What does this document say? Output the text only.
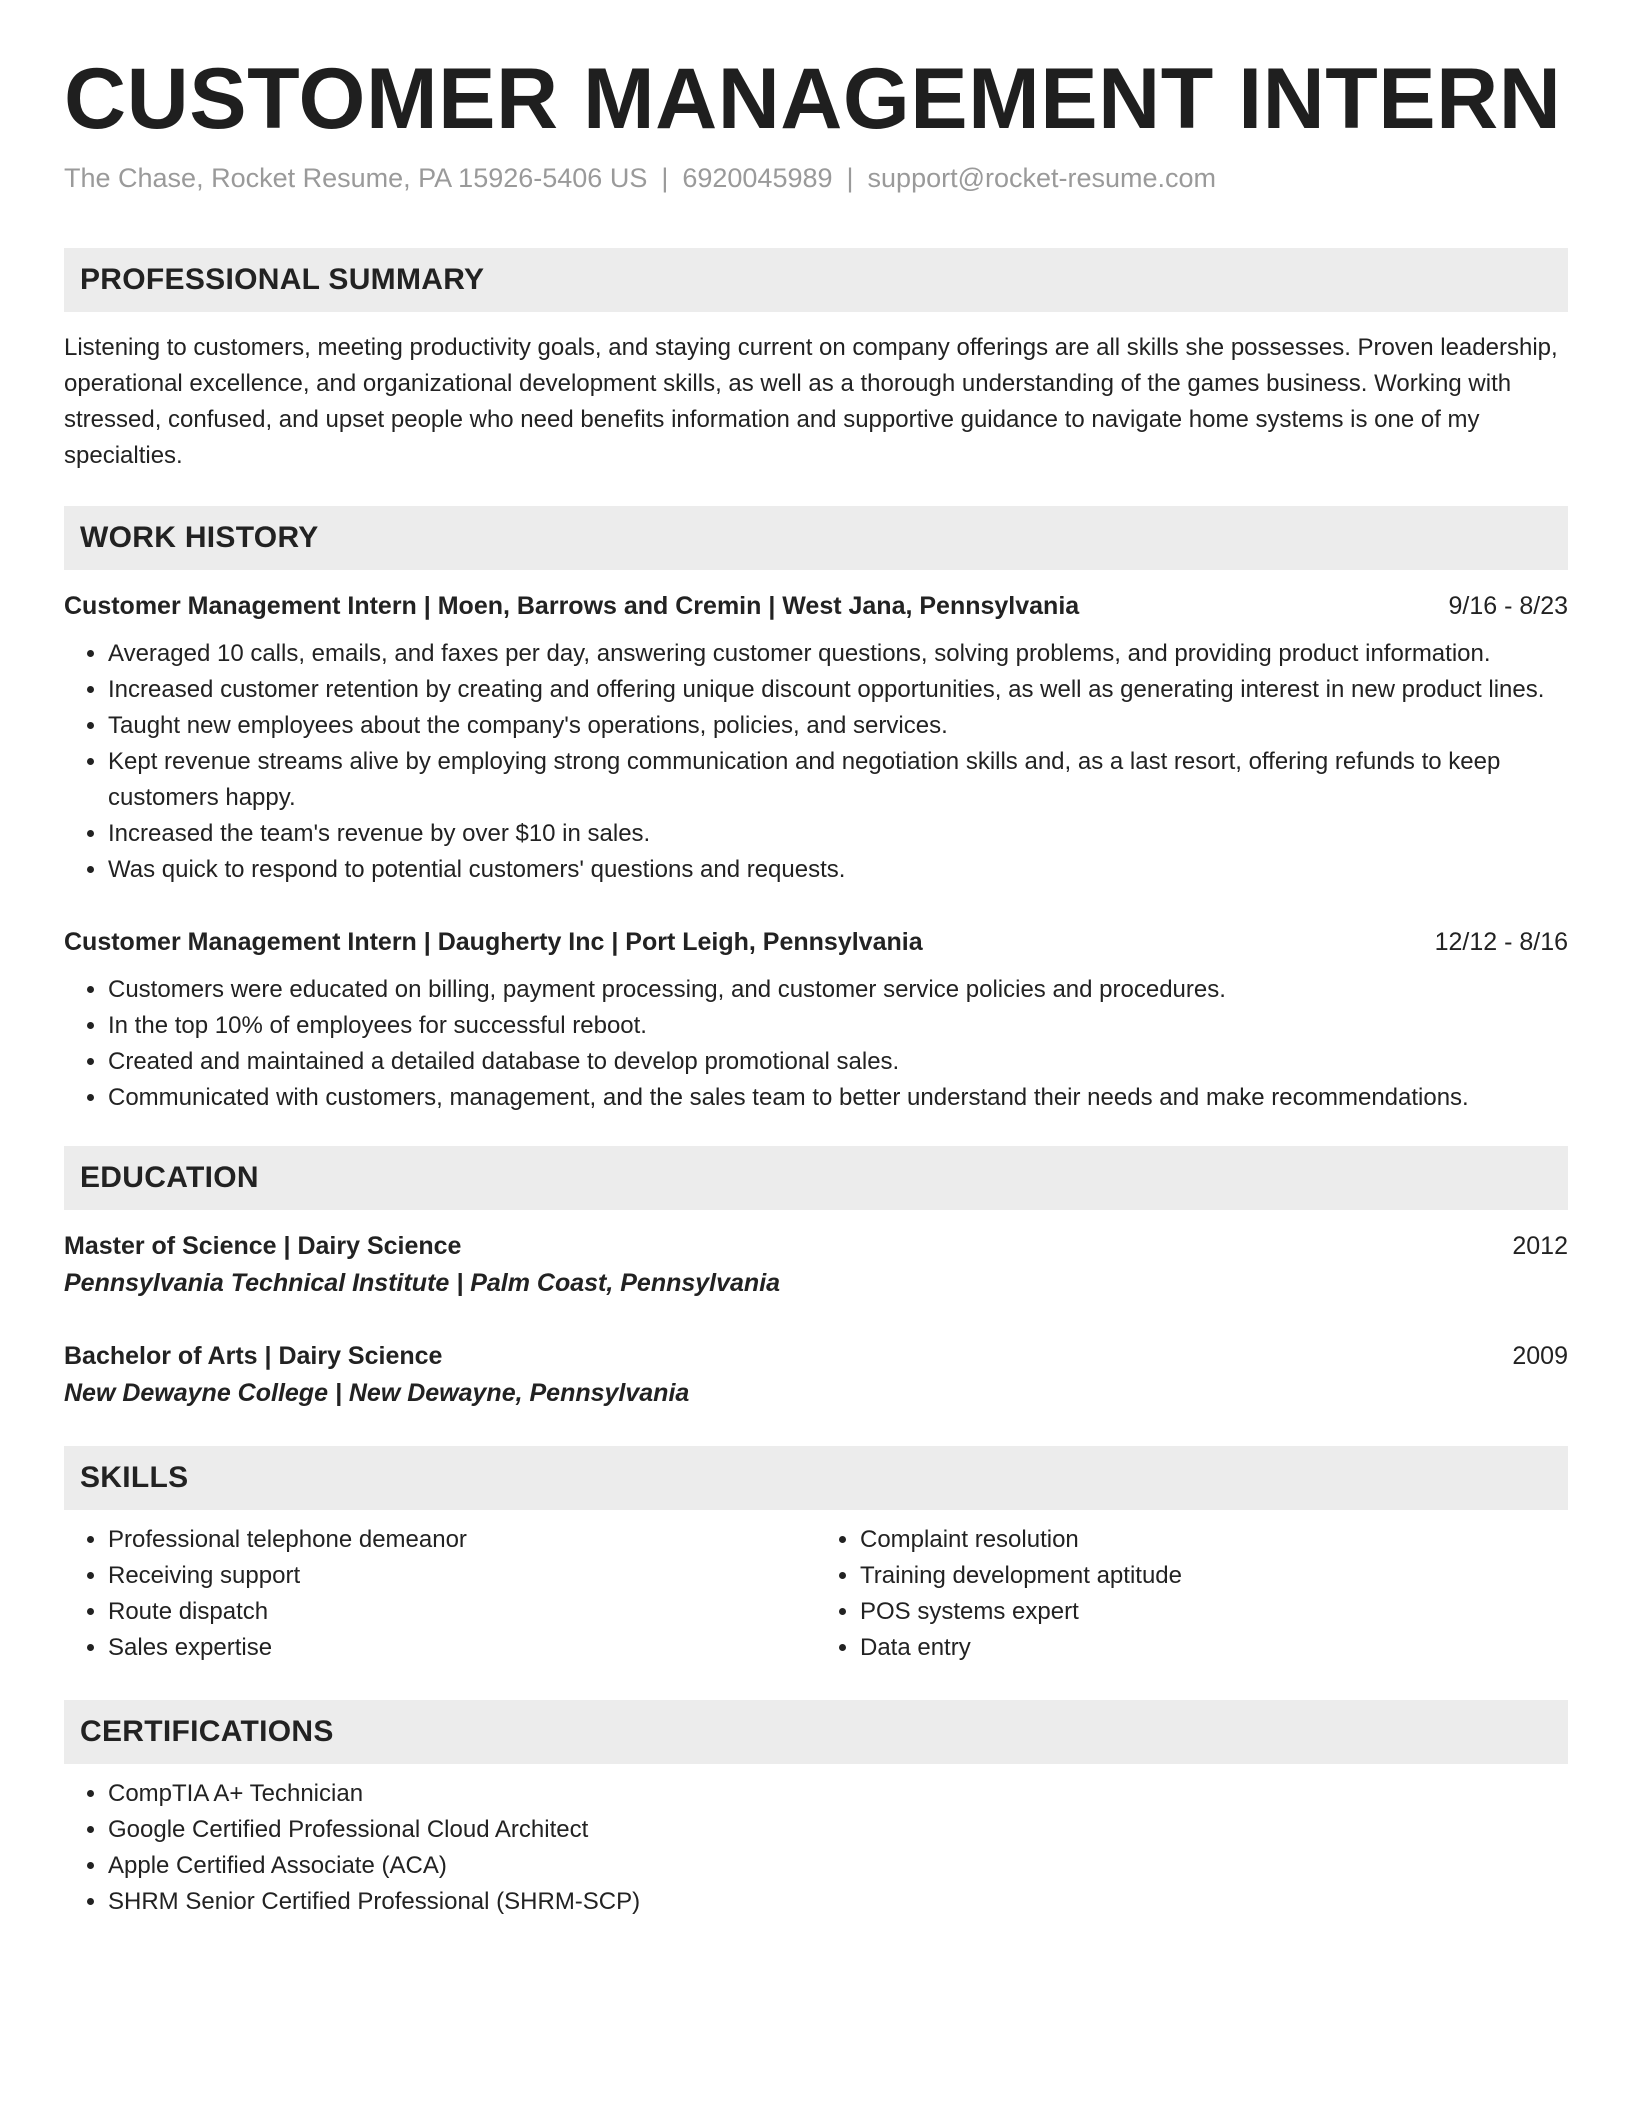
CUSTOMER MANAGEMENT INTERN
The Chase, Rocket Resume, PA 15926-5406 US | 6920045989 | support@rocket-resume.com
PROFESSIONAL SUMMARY
Listening to customers, meeting productivity goals, and staying current on company offerings are all skills she possesses. Proven leadership, operational excellence, and organizational development skills, as well as a thorough understanding of the games business. Working with stressed, confused, and upset people who need benefits information and supportive guidance to navigate home systems is one of my specialties.
WORK HISTORY
Customer Management Intern | Moen, Barrows and Cremin | West Jana, Pennsylvania	9/16 - 8/23
• Averaged 10 calls, emails, and faxes per day, answering customer questions, solving problems, and providing product information.
• Increased customer retention by creating and offering unique discount opportunities, as well as generating interest in new product lines.
• Taught new employees about the company's operations, policies, and services.
• Kept revenue streams alive by employing strong communication and negotiation skills and, as a last resort, offering refunds to keep customers happy.
• Increased the team's revenue by over $10 in sales.
• Was quick to respond to potential customers' questions and requests.
Customer Management Intern | Daugherty Inc | Port Leigh, Pennsylvania	12/12 - 8/16
• Customers were educated on billing, payment processing, and customer service policies and procedures.
• In the top 10% of employees for successful reboot.
• Created and maintained a detailed database to develop promotional sales.
• Communicated with customers, management, and the sales team to better understand their needs and make recommendations.
EDUCATION
Master of Science | Dairy Science	2012
Pennsylvania Technical Institute | Palm Coast, Pennsylvania
Bachelor of Arts | Dairy Science	2009
New Dewayne College | New Dewayne, Pennsylvania
SKILLS
• Professional telephone demeanor
• Receiving support
• Route dispatch
• Sales expertise
• Complaint resolution
• Training development aptitude
• POS systems expert
• Data entry
CERTIFICATIONS
• CompTIA A+ Technician
• Google Certified Professional Cloud Architect
• Apple Certified Associate (ACA)
• SHRM Senior Certified Professional (SHRM-SCP)
